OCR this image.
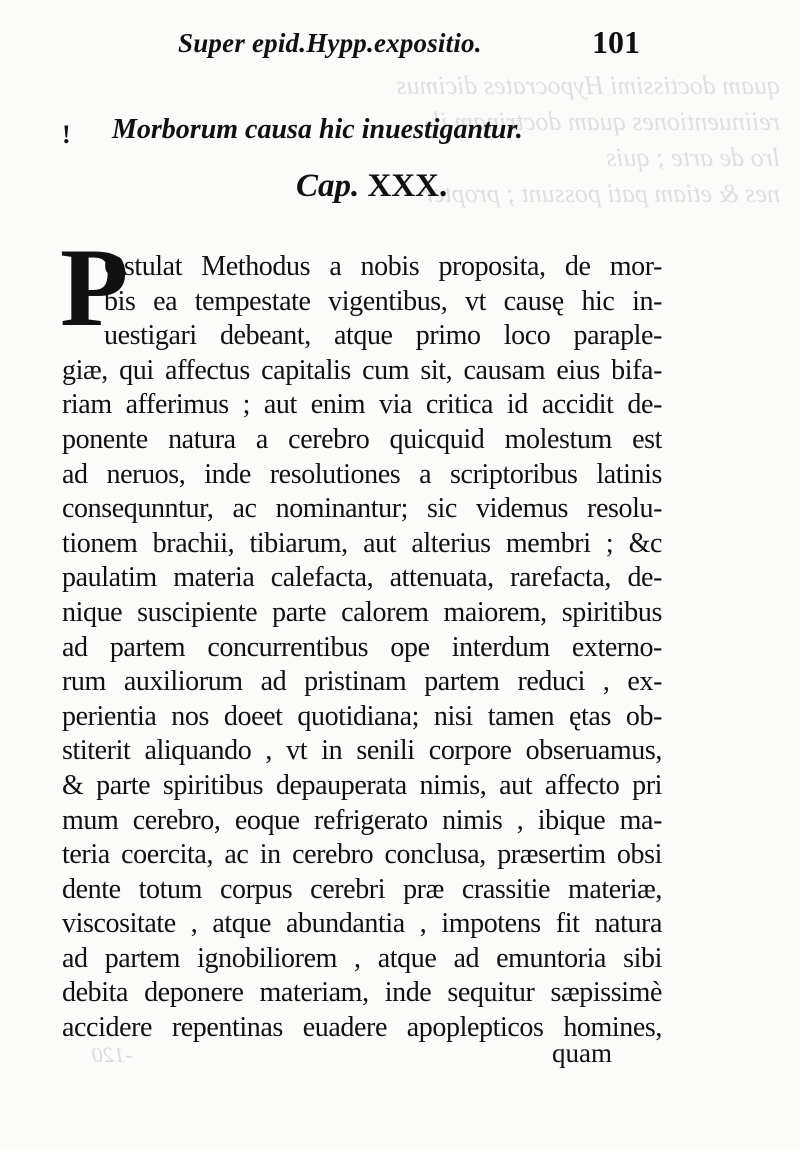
quam doctissimi Hypocrates dicimus
reiinuentiones quam doctrinam il-
lro de arte ; quis
nes & etiam pati possunt ; propter
Super epid.Hypp.expositio.	101
! Morborum causa hic inuestigantur.
Cap. XXX.
P
Ostulat Methodus a nobis proposita, de mor-
bis ea tempestate vigentibus, vt causę hic in-
uestigari debeant, atque primo loco paraple-
giæ, qui affectus capitalis cum sit, causam eius bifa-
riam afferimus ; aut enim via critica id accidit de-
ponente natura a cerebro quicquid molestum est
ad neruos, inde resolutiones a scriptoribus latinis
consequnntur, ac nominantur; sic videmus resolu-
tionem brachii, tibiarum, aut alterius membri ; &c
paulatim materia calefacta, attenuata, rarefacta, de-
nique suscipiente parte calorem maiorem, spiritibus
ad partem concurrentibus ope interdum externo-
rum auxiliorum ad pristinam partem reduci , ex-
perientia nos doeet quotidiana; nisi tamen ętas ob-
stiterit aliquando , vt in senili corpore obseruamus,
& parte spiritibus depauperata nimis, aut affecto pri
mum cerebro, eoque refrigerato nimis , ibique ma-
teria coercita, ac in cerebro conclusa, præsertim obsi
dente totum corpus cerebri præ crassitie materiæ,
viscositate , atque abundantia , impotens fit natura
ad partem ignobiliorem , atque ad emuntoria sibi
debita deponere materiam, inde sequitur sæpissimè
accidere repentinas euadere apoplepticos homines,
-120	quam
